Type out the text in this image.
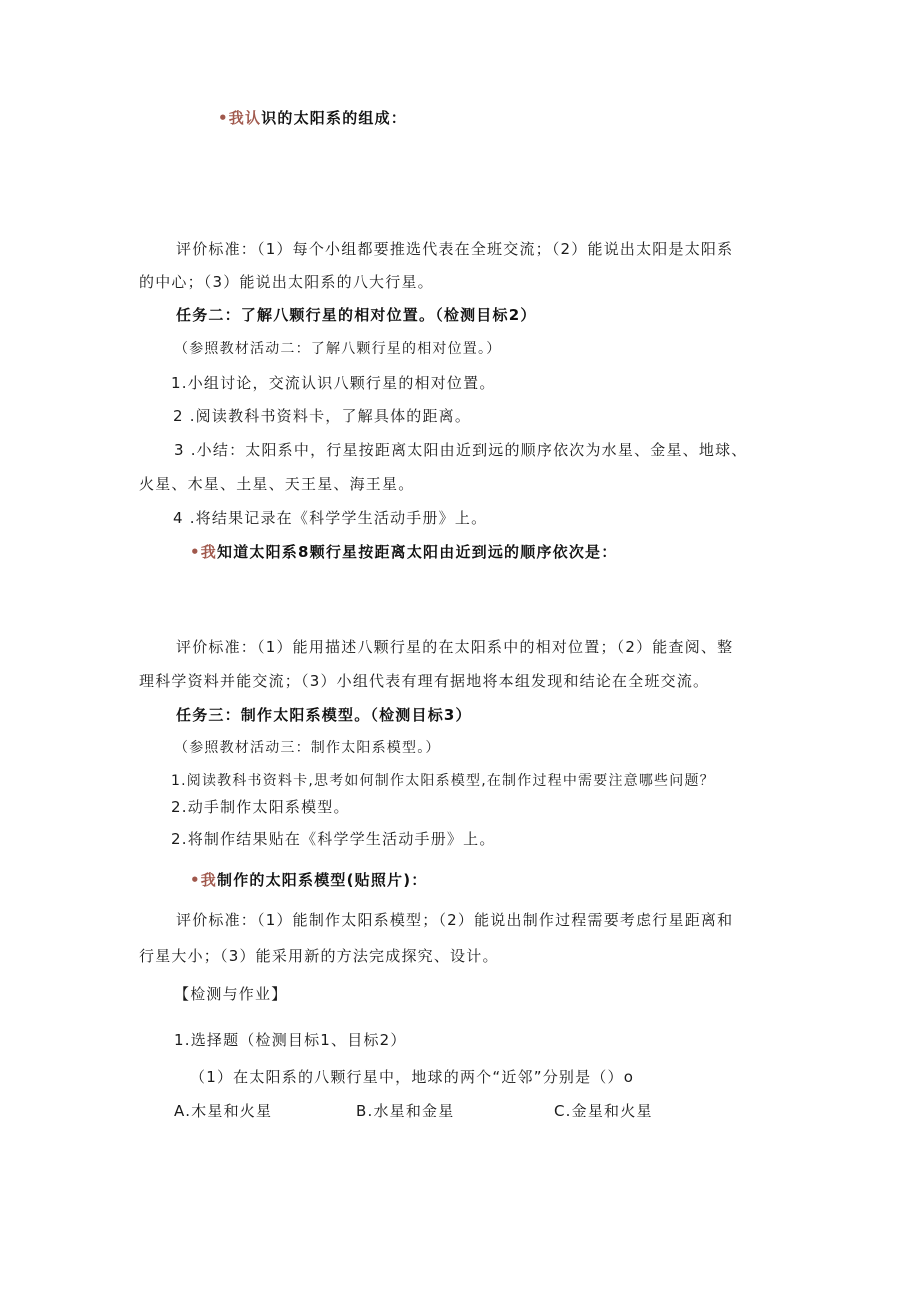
•我认识的太阳系的组成：
评价标准：（1）每个小组都要推选代表在全班交流；（2）能说出太阳是太阳系
的中心；（3）能说出太阳系的八大行星。
任务二：了解八颗行星的相对位置。（检测目标2）
（参照教材活动二：了解八颗行星的相对位置。）
1.小组讨论，交流认识八颗行星的相对位置。
2 .阅读教科书资料卡，了解具体的距离。
3 .小结：太阳系中，行星按距离太阳由近到远的顺序依次为水星、金星、地球、
火星、木星、土星、天王星、海王星。
4 .将结果记录在《科学学生活动手册》上。
•我知道太阳系8颗行星按距离太阳由近到远的顺序依次是：
评价标准：（1）能用描述八颗行星的在太阳系中的相对位置；（2）能查阅、整
理科学资料并能交流；（3）小组代表有理有据地将本组发现和结论在全班交流。
任务三：制作太阳系模型。（检测目标3）
（参照教材活动三：制作太阳系模型。）
1.阅读教科书资料卡,思考如何制作太阳系模型,在制作过程中需要注意哪些问题？
2.动手制作太阳系模型。
2.将制作结果贴在《科学学生活动手册》上。
•我制作的太阳系模型(贴照片)：
评价标准：（1）能制作太阳系模型；（2）能说出制作过程需要考虑行星距离和
行星大小；（3）能采用新的方法完成探究、设计。
【检测与作业】
1.选择题（检测目标1、目标2）
（1）在太阳系的八颗行星中，地球的两个“近邻”分别是（）o
A.木星和火星	B.水星和金星	C.金星和火星
